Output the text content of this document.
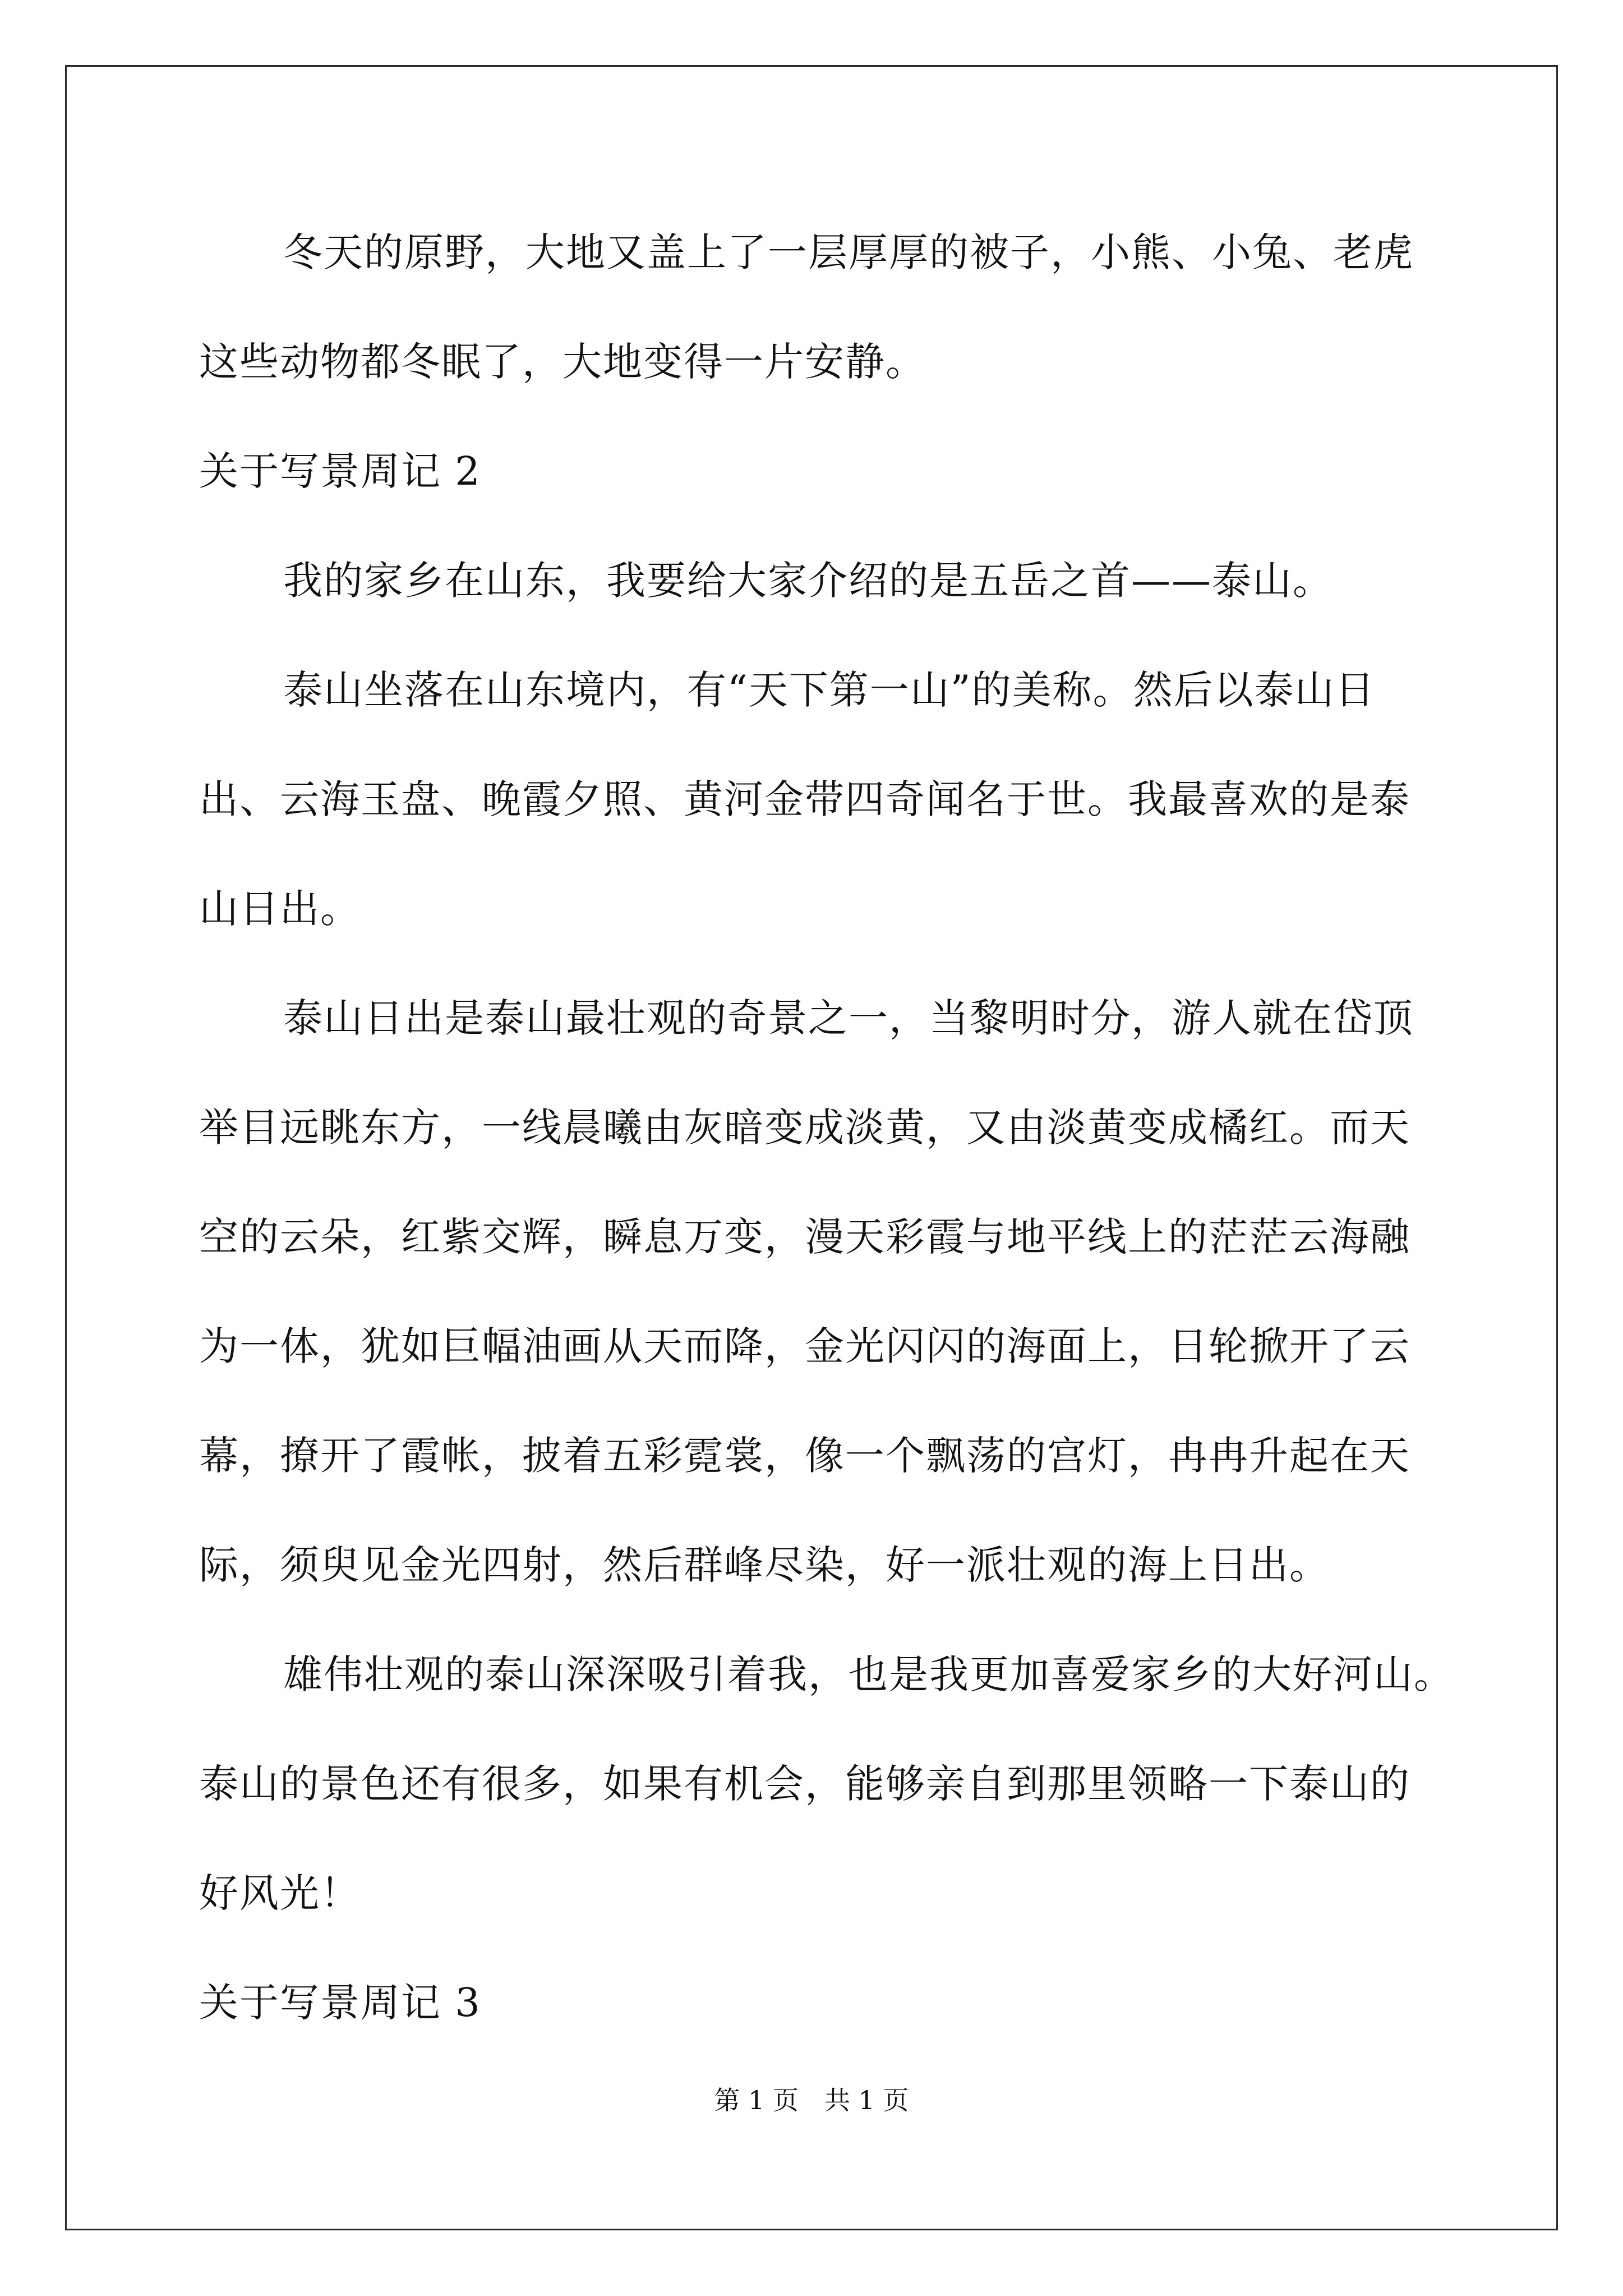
冬天的原野，大地又盖上了一层厚厚的被子，小熊、小兔、老虎
这些动物都冬眠了，大地变得一片安静。
关于写景周记 2
我的家乡在山东，我要给大家介绍的是五岳之首——泰山。
泰山坐落在山东境内，有“天下第一山”的美称。然后以泰山日
出、云海玉盘、晚霞夕照、黄河金带四奇闻名于世。我最喜欢的是泰
山日出。
泰山日出是泰山最壮观的奇景之一，当黎明时分，游人就在岱顶
举目远眺东方，一线晨曦由灰暗变成淡黄，又由淡黄变成橘红。而天
空的云朵，红紫交辉，瞬息万变，漫天彩霞与地平线上的茫茫云海融
为一体，犹如巨幅油画从天而降，金光闪闪的海面上，日轮掀开了云
幕，撩开了霞帐，披着五彩霓裳，像一个飘荡的宫灯，冉冉升起在天
际，须臾见金光四射，然后群峰尽染，好一派壮观的海上日出。
雄伟壮观的泰山深深吸引着我，也是我更加喜爱家乡的大好河山。
泰山的景色还有很多，如果有机会，能够亲自到那里领略一下泰山的
好风光！
关于写景周记 3
第 1 页　共 1 页
